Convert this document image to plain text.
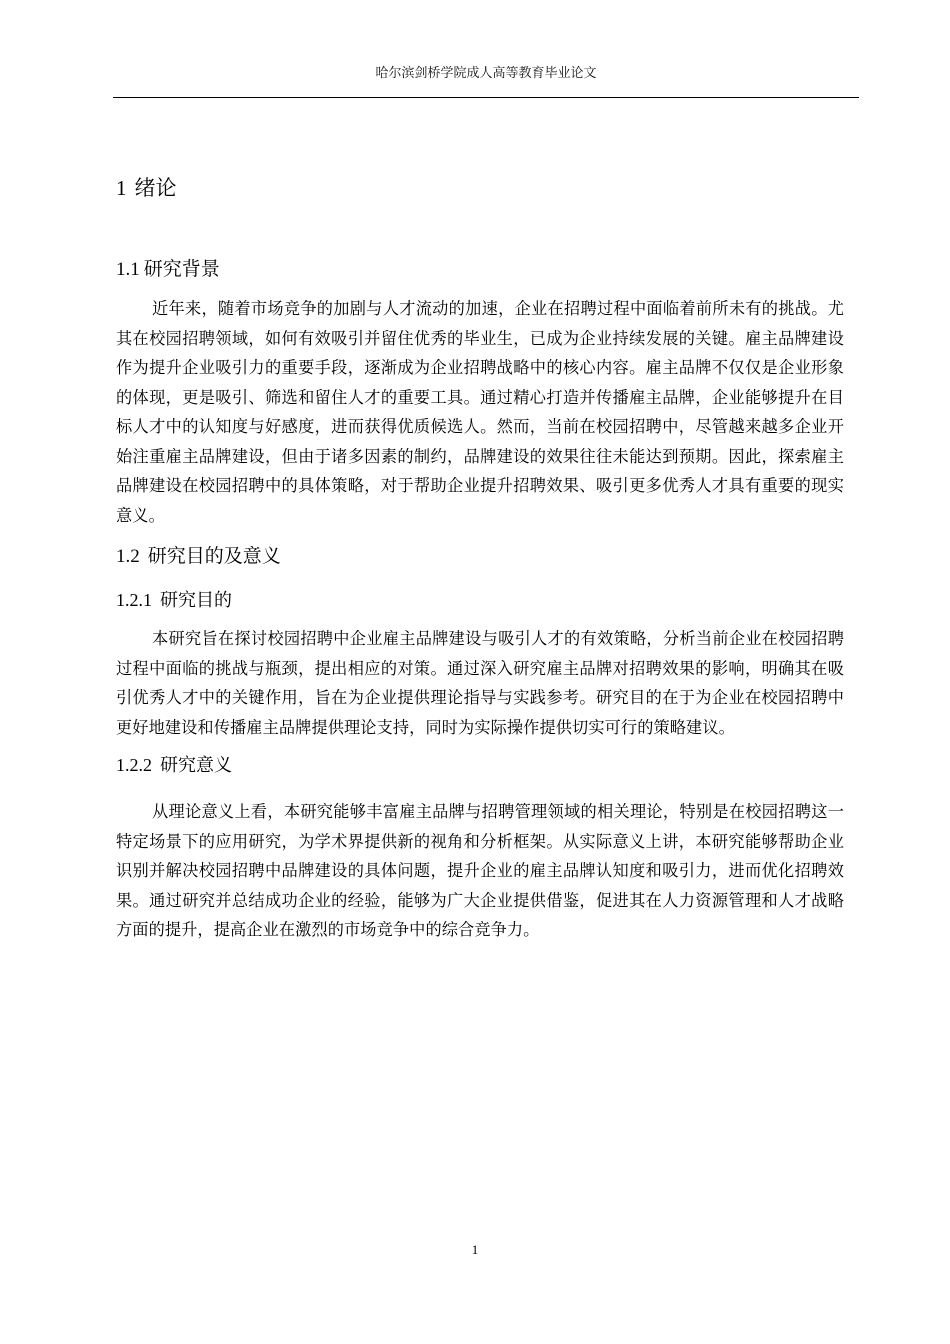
哈尔滨剑桥学院成人高等教育毕业论文
1 绪论
1.1 研究背景

近年来，随着市场竞争的加剧与人才流动的加速，企业在招聘过程中面临着前所未有的挑战。尤其在校园招聘领域，如何有效吸引并留住优秀的毕业生，已成为企业持续发展的关键。雇主品牌建设作为提升企业吸引力的重要手段，逐渐成为企业招聘战略中的核心内容。雇主品牌不仅仅是企业形象的体现，更是吸引、筛选和留住人才的重要工具。通过精心打造并传播雇主品牌，企业能够提升在目标人才中的认知度与好感度，进而获得优质候选人。然而，当前在校园招聘中，尽管越来越多企业开始注重雇主品牌建设，但由于诸多因素的制约，品牌建设的效果往往未能达到预期。因此，探索雇主品牌建设在校园招聘中的具体策略，对于帮助企业提升招聘效果、吸引更多优秀人才具有重要的现实意义。

1.2 研究目的及意义
1.2.1 研究目的

本研究旨在探讨校园招聘中企业雇主品牌建设与吸引人才的有效策略，分析当前企业在校园招聘过程中面临的挑战与瓶颈，提出相应的对策。通过深入研究雇主品牌对招聘效果的影响，明确其在吸引优秀人才中的关键作用，旨在为企业提供理论指导与实践参考。研究目的在于为企业在校园招聘中更好地建设和传播雇主品牌提供理论支持，同时为实际操作提供切实可行的策略建议。

1.2.2 研究意义

从理论意义上看，本研究能够丰富雇主品牌与招聘管理领域的相关理论，特别是在校园招聘这一特定场景下的应用研究，为学术界提供新的视角和分析框架。从实际意义上讲，本研究能够帮助企业识别并解决校园招聘中品牌建设的具体问题，提升企业的雇主品牌认知度和吸引力，进而优化招聘效果。通过研究并总结成功企业的经验，能够为广大企业提供借鉴，促进其在人力资源管理和人才战略方面的提升，提高企业在激烈的市场竞争中的综合竞争力。

1
